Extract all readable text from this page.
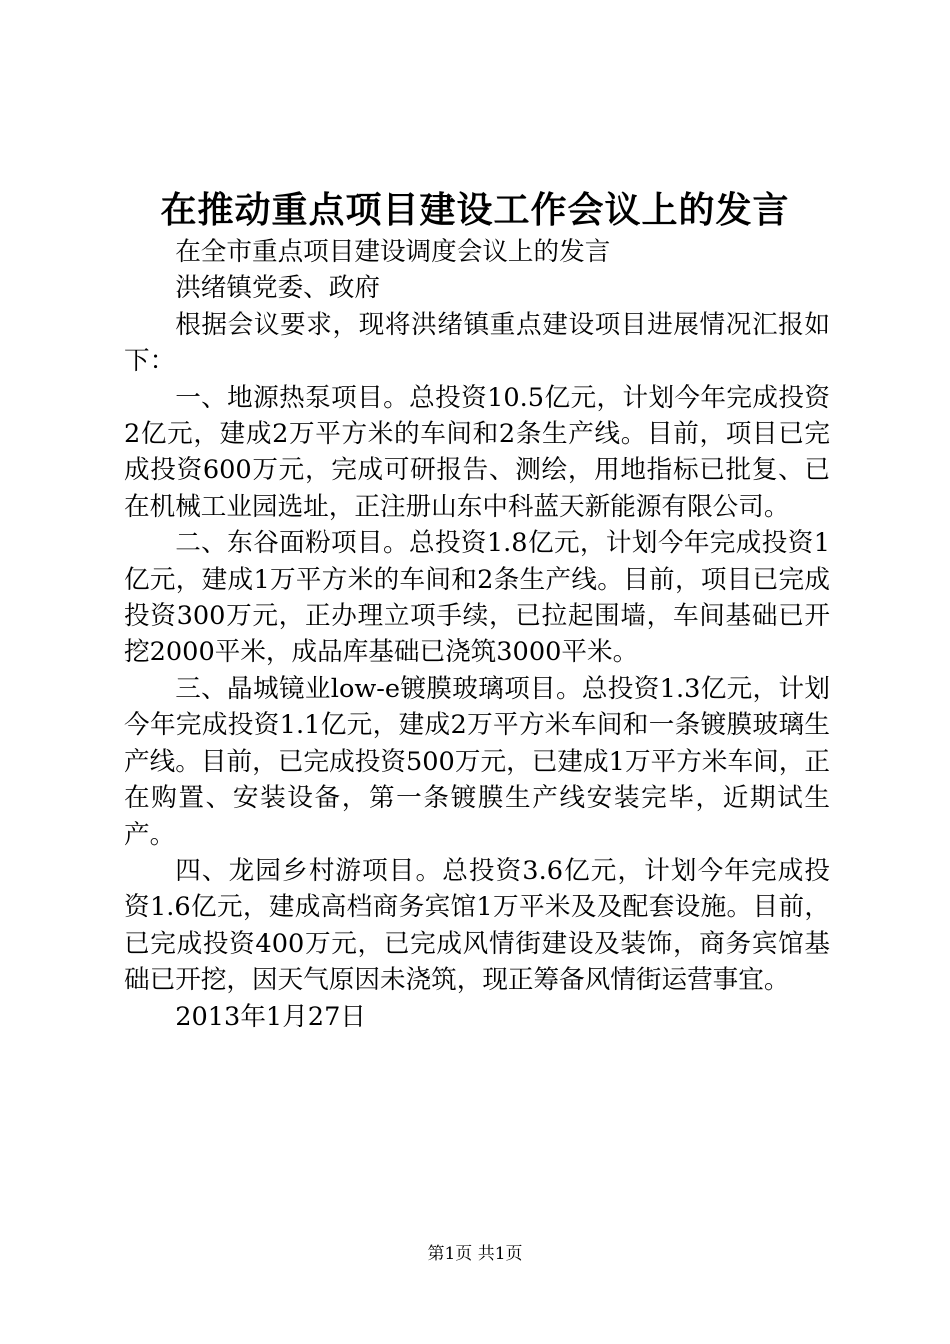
在推动重点项目建设工作会议上的发言

在全市重点项目建设调度会议上的发言

洪绪镇党委、政府

根据会议要求，现将洪绪镇重点建设项目进展情况汇报如下：

一、地源热泵项目。总投资10.5亿元，计划今年完成投资2亿元，建成2万平方米的车间和2条生产线。目前，项目已完成投资600万元，完成可研报告、测绘，用地指标已批复、已在机械工业园选址，正注册山东中科蓝天新能源有限公司。

二、东谷面粉项目。总投资1.8亿元，计划今年完成投资1亿元，建成1万平方米的车间和2条生产线。目前，项目已完成投资300万元，正办理立项手续，已拉起围墙，车间基础已开挖2000平米，成品库基础已浇筑3000平米。

三、晶城镜业low-e镀膜玻璃项目。总投资1.3亿元，计划今年完成投资1.1亿元，建成2万平方米车间和一条镀膜玻璃生产线。目前，已完成投资500万元，已建成1万平方米车间，正在购置、安装设备，第一条镀膜生产线安装完毕，近期试生产。

四、龙园乡村游项目。总投资3.6亿元，计划今年完成投资1.6亿元，建成高档商务宾馆1万平米及及配套设施。目前，已完成投资400万元，已完成风情街建设及装饰，商务宾馆基础已开挖，因天气原因未浇筑，现正筹备风情街运营事宜。

2013年1月27日

第1页 共1页
